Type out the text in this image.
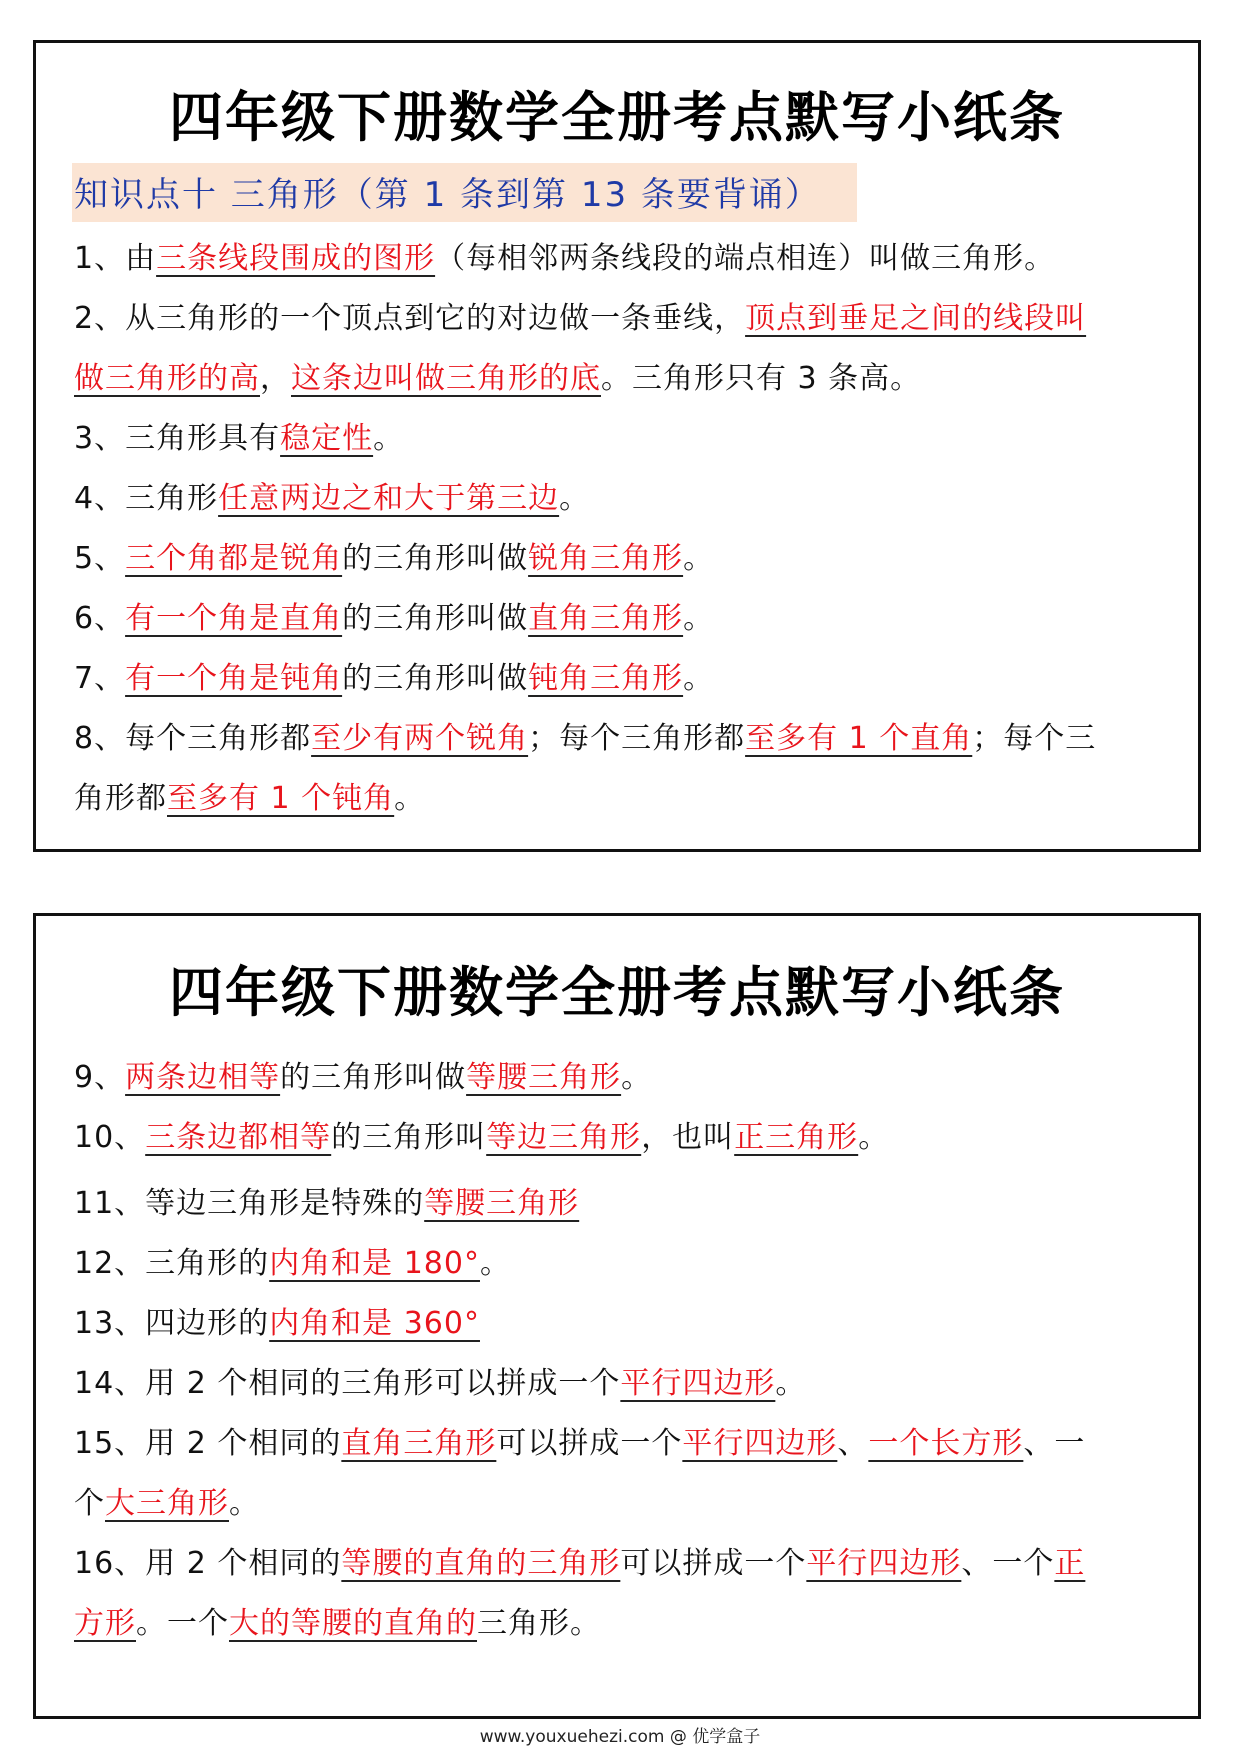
四年级下册数学全册考点默写小纸条
知识点十 三角形（第 1 条到第 13 条要背诵）
1、由三条线段围成的图形（每相邻两条线段的端点相连）叫做三角形。
2、从三角形的一个顶点到它的对边做一条垂线，顶点到垂足之间的线段叫
做三角形的高，这条边叫做三角形的底。三角形只有 3 条高。
3、三角形具有稳定性。
4、三角形任意两边之和大于第三边。
5、三个角都是锐角的三角形叫做锐角三角形。
6、有一个角是直角的三角形叫做直角三角形。
7、有一个角是钝角的三角形叫做钝角三角形。
8、每个三角形都至少有两个锐角；每个三角形都至多有 1 个直角；每个三
角形都至多有 1 个钝角。
四年级下册数学全册考点默写小纸条
9、两条边相等的三角形叫做等腰三角形。
10、三条边都相等的三角形叫等边三角形，也叫正三角形。
11、等边三角形是特殊的等腰三角形
12、三角形的内角和是 180°。
13、四边形的内角和是 360°
14、用 2 个相同的三角形可以拼成一个平行四边形。
15、用 2 个相同的直角三角形可以拼成一个平行四边形、一个长方形、一
个大三角形。
16、用 2 个相同的等腰的直角的三角形可以拼成一个平行四边形、一个正
方形。一个大的等腰的直角的三角形。
www.youxuehezi.com @ 优学盒子
